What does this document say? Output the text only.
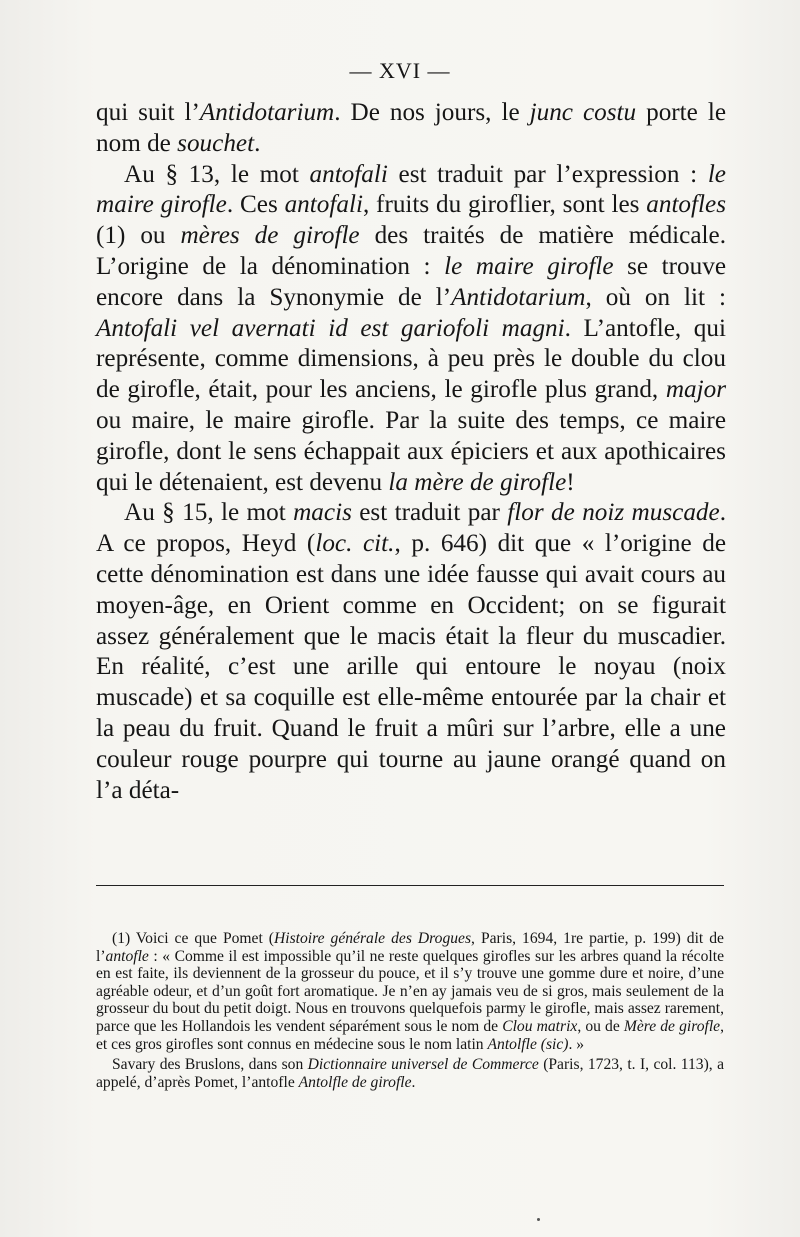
— XVI —

qui suit l’Antidotarium. De nos jours, le junc costu porte le nom de souchet.

Au § 13, le mot antofali est traduit par l’expression : le maire girofle. Ces antofali, fruits du giroflier, sont les antofles (1) ou mères de girofle des traités de matière médicale. L’origine de la dénomination : le maire girofle se trouve encore dans la Synonymie de l’Antidotarium, où on lit : Antofali vel avernati id est gariofoli magni. L’antofle, qui représente, comme dimensions, à peu près le double du clou de girofle, était, pour les anciens, le girofle plus grand, major ou maire, le maire girofle. Par la suite des temps, ce maire girofle, dont le sens échappait aux épiciers et aux apothicaires qui le détenaient, est devenu la mère de girofle!

Au § 15, le mot macis est traduit par flor de noiz muscade. A ce propos, Heyd (loc. cit., p. 646) dit que « l’origine de cette dénomination est dans une idée fausse qui avait cours au moyen-âge, en Orient comme en Occident; on se figurait assez généralement que le macis était la fleur du muscadier. En réalité, c’est une arille qui entoure le noyau (noix muscade) et sa coquille est elle-même entourée par la chair et la peau du fruit. Quand le fruit a mûri sur l’arbre, elle a une couleur rouge pourpre qui tourne au jaune orangé quand on l’a déta-

(1) Voici ce que Pomet (Histoire générale des Drogues, Paris, 1694, 1re partie, p. 199) dit de l’antofle : « Comme il est impossible qu’il ne reste quelques girofles sur les arbres quand la récolte en est faite, ils deviennent de la grosseur du pouce, et il s’y trouve une gomme dure et noire, d’une agréable odeur, et d’un goût fort aromatique. Je n’en ay jamais veu de si gros, mais seulement de la grosseur du bout du petit doigt. Nous en trouvons quelquefois parmy le girofle, mais assez rarement, parce que les Hollandois les vendent séparément sous le nom de Clou matrix, ou de Mère de girofle, et ces gros girofles sont connus en médecine sous le nom latin Antolfle (sic). »

Savary des Bruslons, dans son Dictionnaire universel de Commerce (Paris, 1723, t. I, col. 113), a appelé, d’après Pomet, l’antofle Antolfle de girofle.
